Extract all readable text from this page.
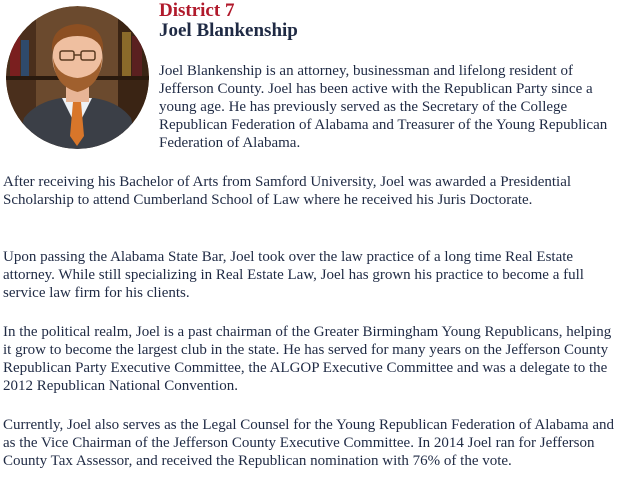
District 7
Joel Blankenship

Joel Blankenship is an attorney, businessman and lifelong resident of Jefferson County. Joel has been active with the Republican Party since a young age. He has previously served as the Secretary of the College Republican Federation of Alabama and Treasurer of the Young Republican Federation of Alabama.

After receiving his Bachelor of Arts from Samford University, Joel was awarded a Presidential Scholarship to attend Cumberland School of Law where he received his Juris Doctorate.

Upon passing the Alabama State Bar, Joel took over the law practice of a long time Real Estate attorney. While still specializing in Real Estate Law, Joel has grown his practice to become a full service law firm for his clients.

In the political realm, Joel is a past chairman of the Greater Birmingham Young Republicans, helping it grow to become the largest club in the state. He has served for many years on the Jefferson County Republican Party Executive Committee, the ALGOP Executive Committee and was a delegate to the 2012 Republican National Convention.

Currently, Joel also serves as the Legal Counsel for the Young Republican Federation of Alabama and as the Vice Chairman of the Jefferson County Executive Committee. In 2014 Joel ran for Jefferson County Tax Assessor, and received the Republican nomination with 76% of the vote.
